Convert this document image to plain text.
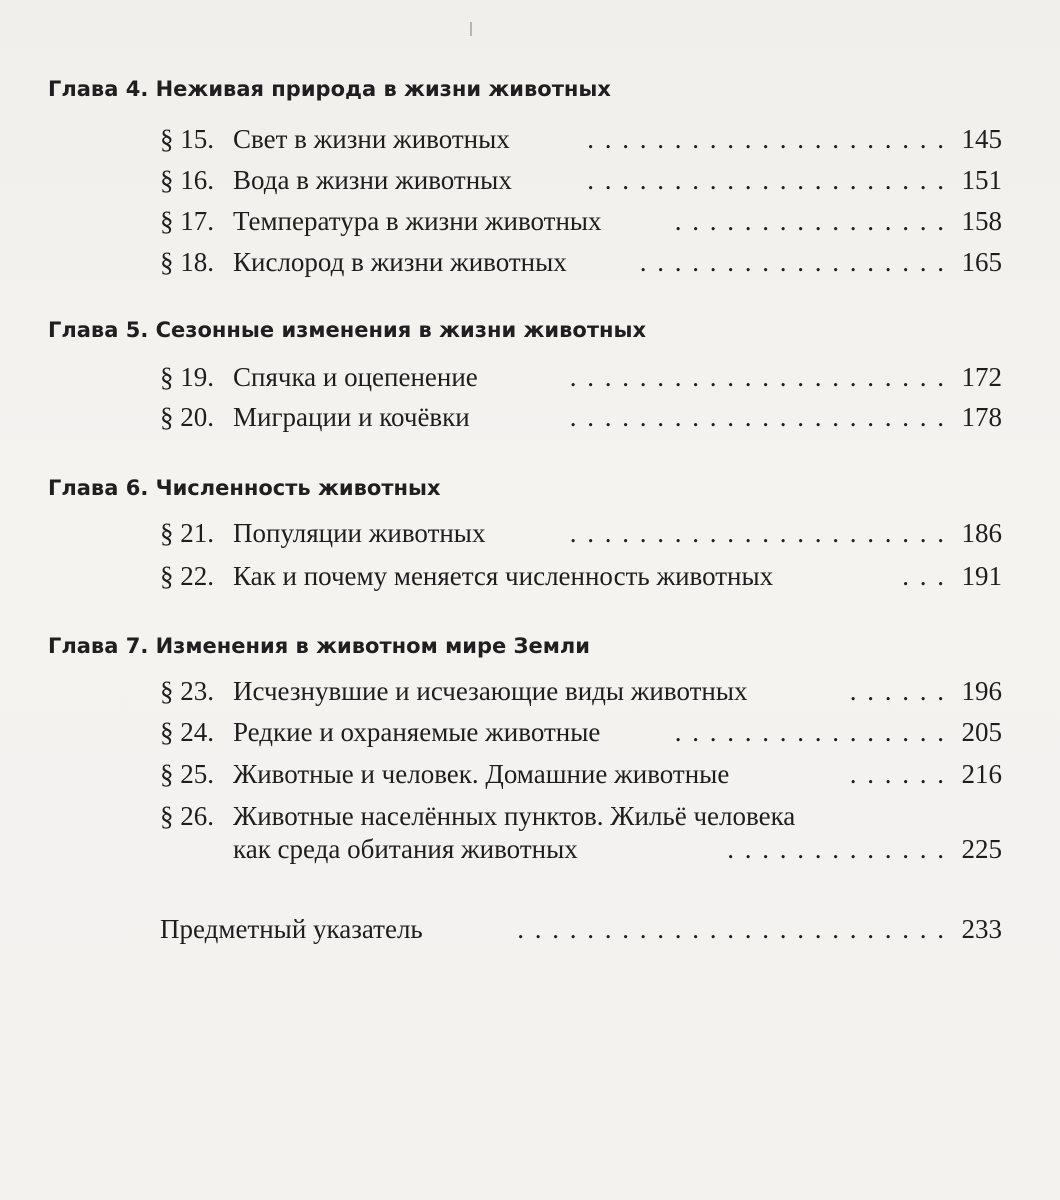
Глава 4. Неживая природа в жизни животных
§ 15. Свет в жизни животных	. . . . . . . . . . . . . . . . . . . . . 145
§ 16. Вода в жизни животных	. . . . . . . . . . . . . . . . . . . . . 151
§ 17. Температура в жизни животных	. . . . . . . . . . . . . . . . 158
§ 18. Кислород в жизни животных	. . . . . . . . . . . . . . . . . . 165
Глава 5. Сезонные изменения в жизни животных
§ 19. Спячка и оцепенение	. . . . . . . . . . . . . . . . . . . . . . 172
§ 20. Миграции и кочёвки	. . . . . . . . . . . . . . . . . . . . . . 178
Глава 6. Численность животных
§ 21. Популяции животных	. . . . . . . . . . . . . . . . . . . . . . 186
§ 22. Как и почему меняется численность животных	. . . 191
Глава 7. Изменения в животном мире Земли
§ 23. Исчезнувшие и исчезающие виды животных	. . . . . . 196
§ 24. Редкие и охраняемые животные	. . . . . . . . . . . . . . . . 205
§ 25. Животные и человек. Домашние животные	. . . . . . 216
§ 26. Животные населённых пунктов. Жильё человека
как среда обитания животных	. . . . . . . . . . . . . 225
Предметный указатель	. . . . . . . . . . . . . . . . . . . . . . . . . 233
